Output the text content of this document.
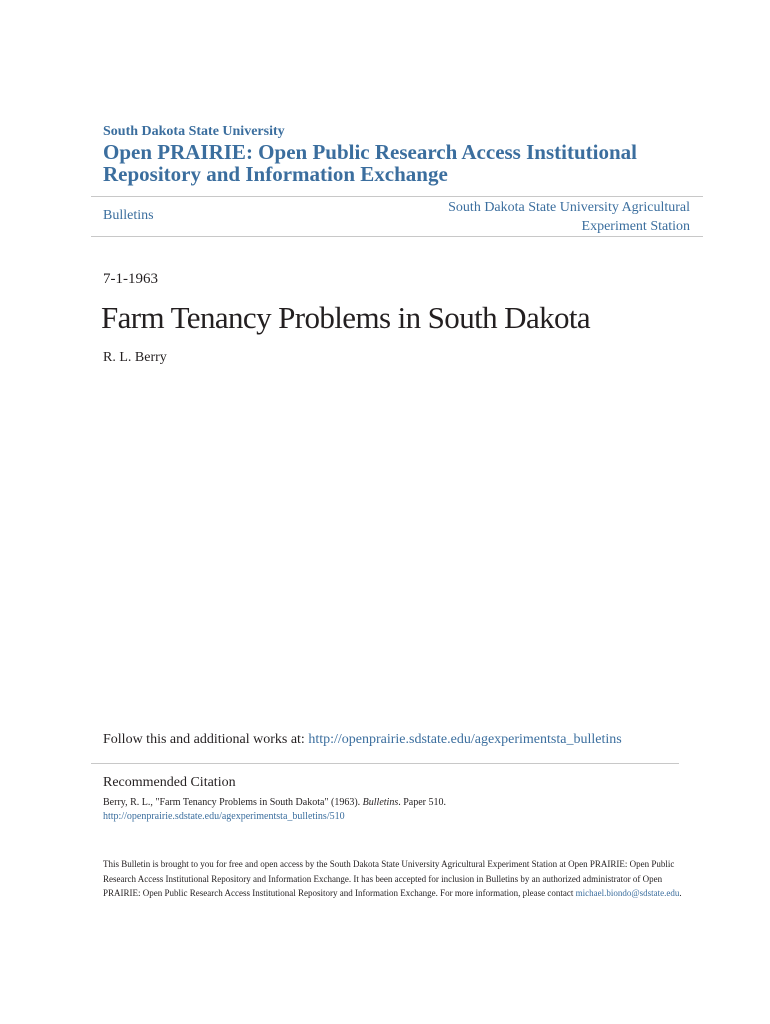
South Dakota State University
Open PRAIRIE: Open Public Research Access Institutional Repository and Information Exchange
Bulletins
South Dakota State University Agricultural Experiment Station
7-1-1963
Farm Tenancy Problems in South Dakota
R. L. Berry
Follow this and additional works at: http://openprairie.sdstate.edu/agexperimentsta_bulletins
Recommended Citation
Berry, R. L., "Farm Tenancy Problems in South Dakota" (1963). Bulletins. Paper 510.
http://openprairie.sdstate.edu/agexperimentsta_bulletins/510
This Bulletin is brought to you for free and open access by the South Dakota State University Agricultural Experiment Station at Open PRAIRIE: Open Public Research Access Institutional Repository and Information Exchange. It has been accepted for inclusion in Bulletins by an authorized administrator of Open PRAIRIE: Open Public Research Access Institutional Repository and Information Exchange. For more information, please contact michael.biondo@sdstate.edu.
